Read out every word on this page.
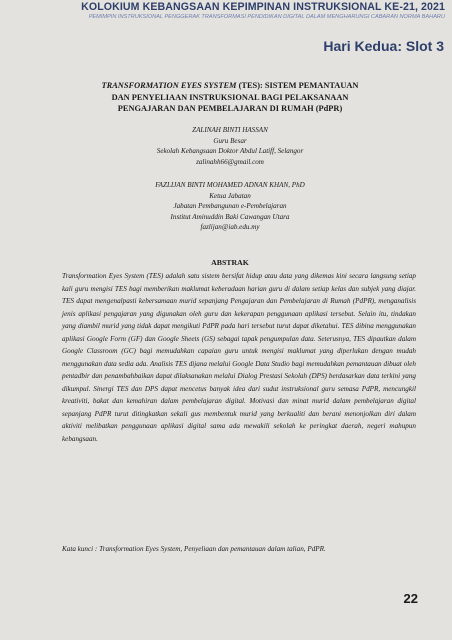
KOLOKIUM KEBANGSAAN KEPIMPINAN INSTRUKSIONAL KE-21, 2021
PEMIMPIN INSTRUKSIONAL PENGGERAK TRANSFORMASI PENDIDIKAN DIGITAL DALAM MENGHARUNGI CABARAN NORMA BAHARU
Hari Kedua: Slot 3
TRANSFORMATION EYES SYSTEM (TES): SISTEM PEMANTAUAN
DAN PENYELIAAN INSTRUKSIONAL BAGI PELAKSANAAN
PENGAJARAN DAN PEMBELAJARAN DI RUMAH (PdPR)
ZALINAH BINTI HASSAN
Guru Besar
Sekolah Kebangsaan Doktor Abdul Latiff, Selangor
zalinahh66@gmail.com
FAZLIJAN BINTI MOHAMED ADNAN KHAN, PhD
Ketua Jabatan
Jabatan Pembangunan e-Pembelajaran
Institut Aminuddin Baki Cawangan Utara
fazlijan@iab.edu.my
ABSTRAK

Transformation Eyes System (TES) adalah satu sistem bersifat hidup atau data yang dikemas kini secara langsung setiap kali guru mengisi TES bagi memberikan maklumat keberadaan harian guru di dalam setiap kelas dan subjek yang diajar. TES dapat mengenalpasti kebersamaan murid sepanjang Pengajaran dan Pembelajaran di Rumah (PdPR), menganalisis jenis aplikasi pengajaran yang digunakan oleh guru dan kekerapan penggunaan aplikasi tersebut. Selain itu, tindakan yang diambil murid yang tidak dapat mengikuti PdPR pada hari tersebut turut dapat diketahui. TES dibina menggunakan aplikasi Google Form (GF) dan Google Sheets (GS) sebagai tapak pengumpulan data. Seterusnya, TES dipautkan dalam Google Classroom (GC) bagi memudahkan capaian guru untuk mengisi maklumat yang diperlukan dengan mudah menggunakan data sedia ada. Analisis TES dijana melalui Google Data Studio bagi memudahkan pemantauan dibuat oleh pentadbir dan penambahbaikan dapat dilaksanakan melalui Dialog Prestasi Sekolah (DPS) berdasarkan data terkini yang dikumpul. Sinergi TES dan DPS dapat mencetus banyak idea dari sudut instruksional guru semasa PdPR, mencungkil kreativiti, bakat dan kemahiran dalam pembelajaran digital. Motivasi dan minat murid dalam pembelajaran digital sepanjang PdPR turut ditingkatkan sekali gus membentuk murid yang berkualiti dan berani menonjolkan diri dalam aktiviti melibatkan penggunaan aplikasi digital sama ada mewakili sekolah ke peringkat daerah, negeri mahupun kebangsaan.

Kata kunci : Transformation Eyes System, Penyeliaan dan pemantauan dalam talian, PdPR.

22
